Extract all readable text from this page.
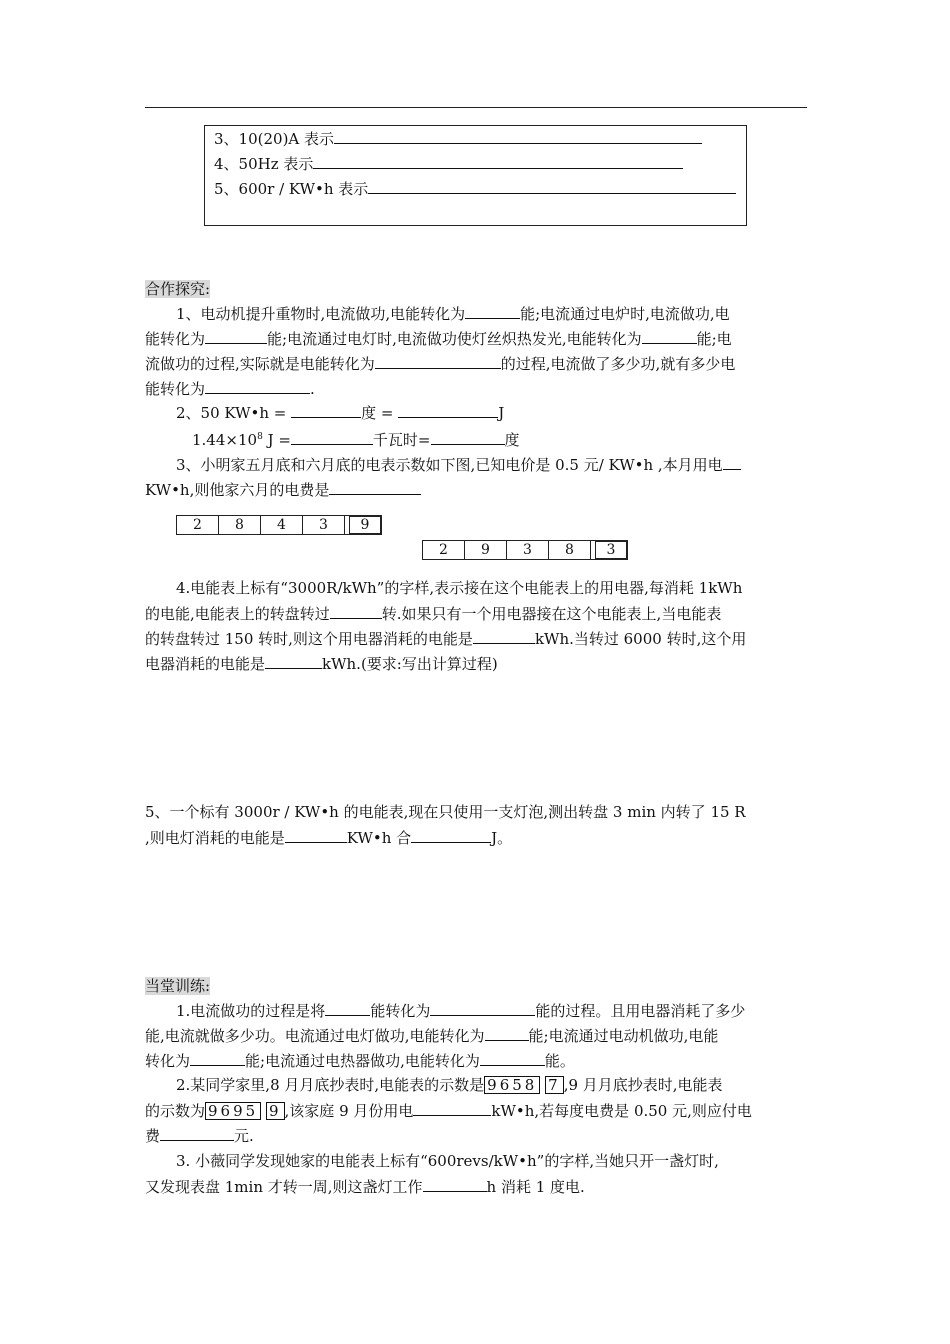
3、10(20)A 表示
4、50Hz 表示
5、600r / KW•h 表示
合作探究:
1、电动机提升重物时,电流做功,电能转化为	能;电流通过电炉时,电流做功,电
能转化为	能;电流通过电灯时,电流做功使灯丝炽热发光,电能转化为	能;电
流做功的过程,实际就是电能转化为	的过程,电流做了多少功,就有多少电
能转化为	.
2、50 KW•h =	度 =	J
$1.44\times 10^8$ J =	千瓦时=	度
3、小明家五月底和六月底的电表示数如下图,已知电价是 0.5 元/ KW•h ,本月用电
KW•h,则他家六月的电费是
2	8	4	3	9
2	9	3	8	3
4.电能表上标有“3000R/kWh”的字样,表示接在这个电能表上的用电器,每消耗 1kWh
的电能,电能表上的转盘转过	转.如果只有一个用电器接在这个电能表上,当电能表
的转盘转过 150 转时,则这个用电器消耗的电能是	kWh.当转过 6000 转时,这个用
电器消耗的电能是	kWh.(要求:写出计算过程)
5、一个标有 3000r / KW•h 的电能表,现在只使用一支灯泡,测出转盘 3 min 内转了 15 R
,则电灯消耗的电能是	KW•h 合	J。
当堂训练:
1.电流做功的过程是将	能转化为	能的过程。且用电器消耗了多少
能,电流就做多少功。电流通过电灯做功,电能转化为	能;电流通过电动机做功,电能
转化为	能;电流通过电热器做功,电能转化为	能。
2.某同学家里,8 月月底抄表时,电能表的示数是 9658 7 ,9 月月底抄表时,电能表
的示数为 9695 9 ,该家庭 9 月份用电	kW•h,若每度电费是 0.50 元,则应付电
费	元.
3. 小薇同学发现她家的电能表上标有“600revs/kW•h”的字样,当她只开一盏灯时,
又发现表盘 1min 才转一周,则这盏灯工作	h 消耗 1 度电.
